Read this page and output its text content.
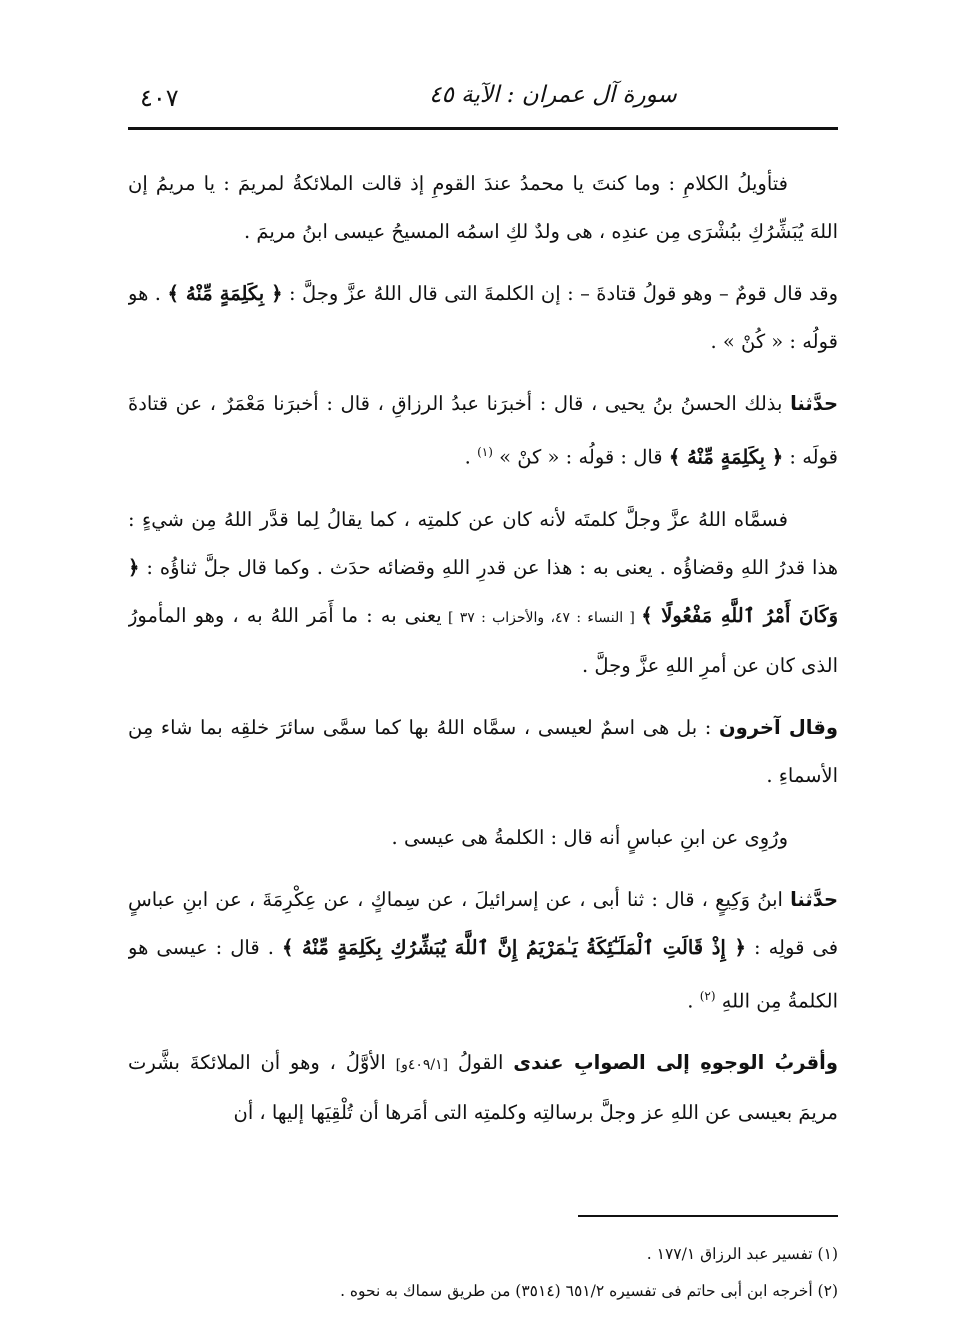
سورة آل عمران : الآية ٤٥
٤٠٧

فتأويلُ الكلامِ : وما كنتَ يا محمدُ عندَ القومِ إذ قالت الملائكةُ لمريمَ : يا مريمُ إن اللهَ يُبَشِّرُكِ ببُشْرَى مِن عندِه ، هى ولدٌ لكِ اسمُه المسيحُ عيسى ابنُ مريمَ .

وقد قال قومٌ – وهو قولُ قتادةَ – : إن الكلمةَ التى قال اللهُ عزَّ وجلَّ : ﴿ بِكَلِمَةٍ مِّنْهُ ﴾ . هو قولُه : « كُنْ » .

حدَّثنا بذلك الحسنُ بنُ يحيى ، قال : أخبرَنا عبدُ الرزاقِ ، قال : أخبرَنا مَعْمَرٌ ، عن قتادةَ قولَه : ﴿ بِكَلِمَةٍ مِّنْهُ ﴾ قال : قولُه : « كنْ » $^{(١)}$ .

فسمَّاه اللهُ عزَّ وجلَّ كلمتَه لأنه كان عن كلمتِه ، كما يقالُ لِما قدَّر اللهُ مِن شيءٍ : هذا قدرُ اللهِ وقضاؤُه . يعنى به : هذا عن قدرِ اللهِ وقضائه حدَث . وكما قال جلَّ ثناؤُه : ﴿ وَكَانَ أَمْرُ ٱللَّهِ مَفْعُولًا ﴾ [ النساء : ٤٧، والأحزاب : ٣٧ ] يعنى به : ما أَمَر اللهُ به ، وهو المأمورُ الذى كان عن أمرِ اللهِ عزَّ وجلَّ .

وقال آخرون : بل هى اسمٌ لعيسى ، سمَّاه اللهُ بها كما سمَّى سائرَ خلقِه بما شاء مِن الأسماءِ .

ورُوِى عن ابنِ عباسٍ أنه قال : الكلمةُ هى عيسى .

حدَّثنا ابنُ وَكِيعٍ ، قال : ثنا أبى ، عن إسرائيلَ ، عن سِماكٍ ، عن عِكْرِمَةَ ، عن ابنِ عباسٍ فى قولِه : ﴿ إِذْ قَالَتِ ٱلْمَلَـٰٓئِكَةُ يَـٰمَرْيَمُ إِنَّ ٱللَّهَ يُبَشِّرُكِ بِكَلِمَةٍ مِّنْهُ ﴾ . قال : عيسى هو الكلمةُ مِن اللهِ $^{(٢)}$ .

وأقربُ الوجوهِ إلى الصوابِ عندى القولُ [٤٠٩/١و] الأوَّلُ ، وهو أن الملائكةَ بشَّرت مريمَ بعيسى عن اللهِ عز وجلَّ برسالتِه وكلمتِه التى أمَرها أن تُلْقِيَها إليها ، أن

(١) تفسير عبد الرزاق ١٧٧/١ .
(٢) أخرجه ابن أبى حاتم فى تفسيره ٦٥١/٢ (٣٥١٤) من طريق سماك به نحوه .
